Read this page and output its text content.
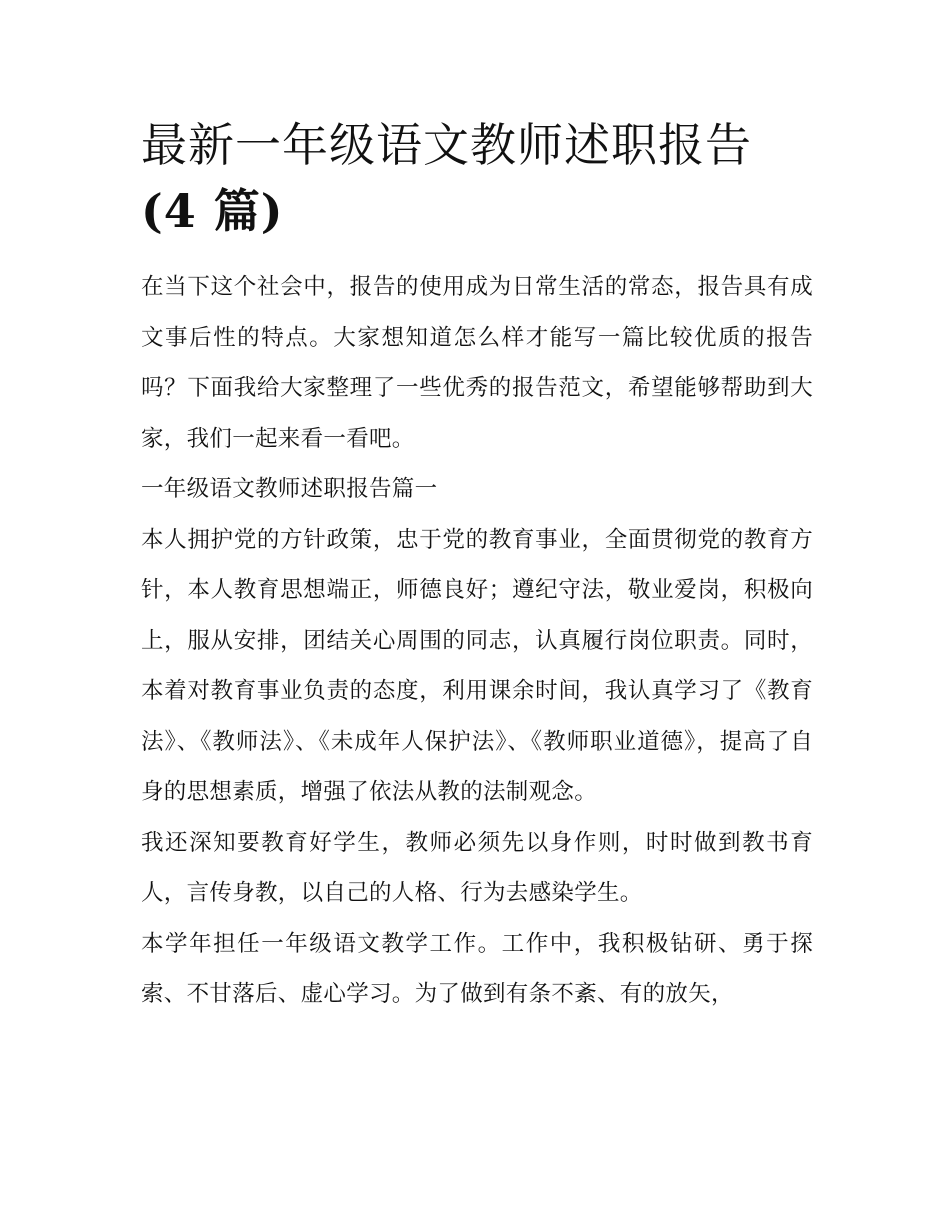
最新一年级语文教师述职报告
(4 篇)

在当下这个社会中，报告的使用成为日常生活的常态，报告具有成文事后性的特点。大家想知道怎么样才能写一篇比较优质的报告吗？下面我给大家整理了一些优秀的报告范文，希望能够帮助到大家，我们一起来看一看吧。

一年级语文教师述职报告篇一

本人拥护党的方针政策，忠于党的教育事业，全面贯彻党的教育方针，本人教育思想端正，师德良好；遵纪守法，敬业爱岗，积极向上，服从安排，团结关心周围的同志，认真履行岗位职责。同时，本着对教育事业负责的态度，利用课余时间，我认真学习了《教育法》、《教师法》、《未成年人保护法》、《教师职业道德》，提高了自身的思想素质，增强了依法从教的法制观念。

我还深知要教育好学生，教师必须先以身作则，时时做到教书育人，言传身教，以自己的人格、行为去感染学生。

本学年担任一年级语文教学工作。工作中，我积极钻研、勇于探索、不甘落后、虚心学习。为了做到有条不紊、有的放矢，
